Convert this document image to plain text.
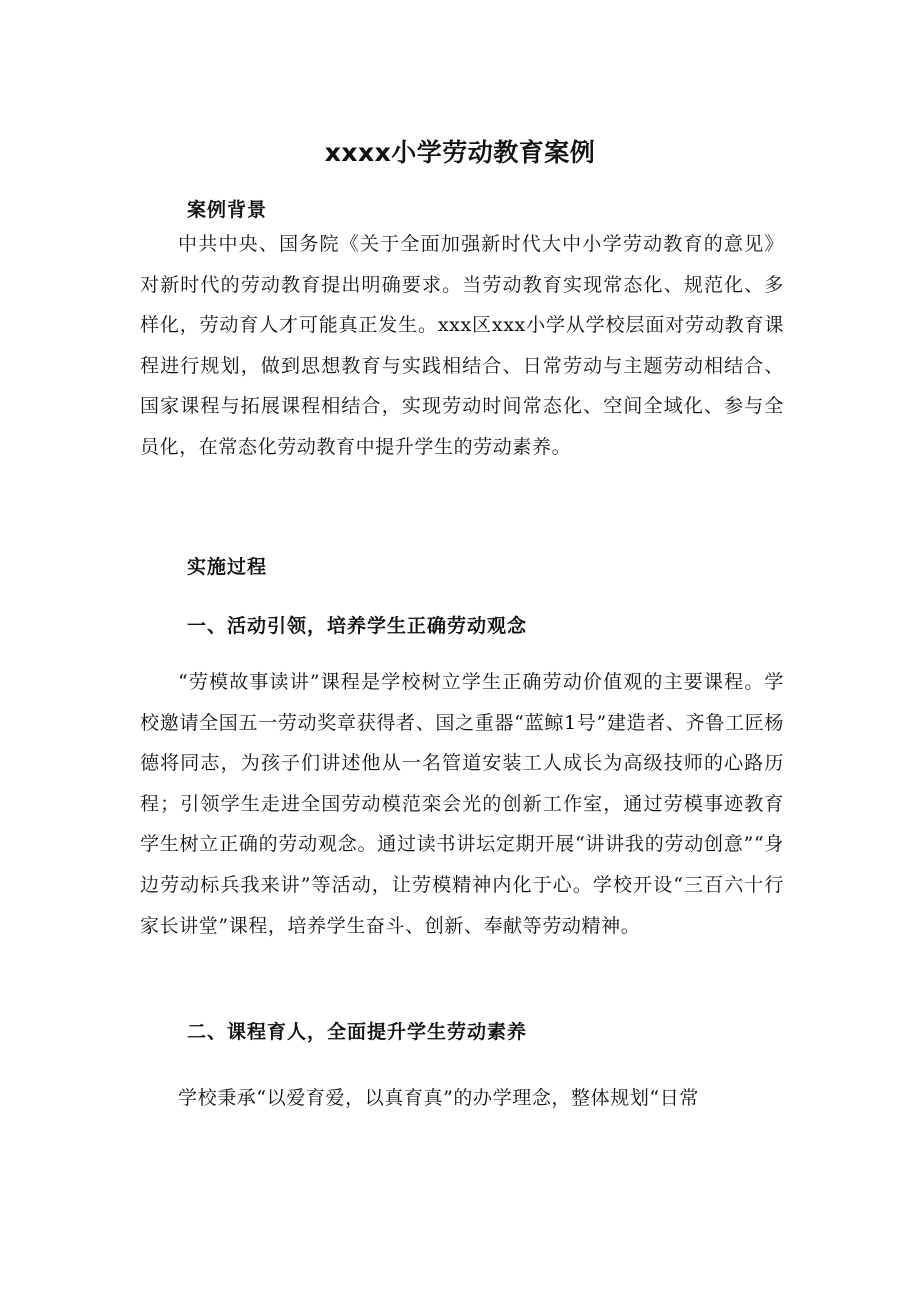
xxxx小学劳动教育案例
案例背景
中共中央、国务院《关于全面加强新时代大中小学劳动教育的意见》对新时代的劳动教育提出明确要求。当劳动教育实现常态化、规范化、多样化，劳动育人才可能真正发生。xxx区xxx小学从学校层面对劳动教育课程进行规划，做到思想教育与实践相结合、日常劳动与主题劳动相结合、国家课程与拓展课程相结合，实现劳动时间常态化、空间全域化、参与全员化，在常态化劳动教育中提升学生的劳动素养。
实施过程
一、活动引领，培养学生正确劳动观念
“劳模故事读讲”课程是学校树立学生正确劳动价值观的主要课程。学校邀请全国五一劳动奖章获得者、国之重器“蓝鲸1号”建造者、齐鲁工匠杨德将同志，为孩子们讲述他从一名管道安装工人成长为高级技师的心路历程；引领学生走进全国劳动模范栾会光的创新工作室，通过劳模事迹教育学生树立正确的劳动观念。通过读书讲坛定期开展“讲讲我的劳动创意”“身边劳动标兵我来讲”等活动，让劳模精神内化于心。学校开设“三百六十行家长讲堂”课程，培养学生奋斗、创新、奉献等劳动精神。
二、课程育人，全面提升学生劳动素养
学校秉承“以爱育爱，以真育真”的办学理念，整体规划“日常
